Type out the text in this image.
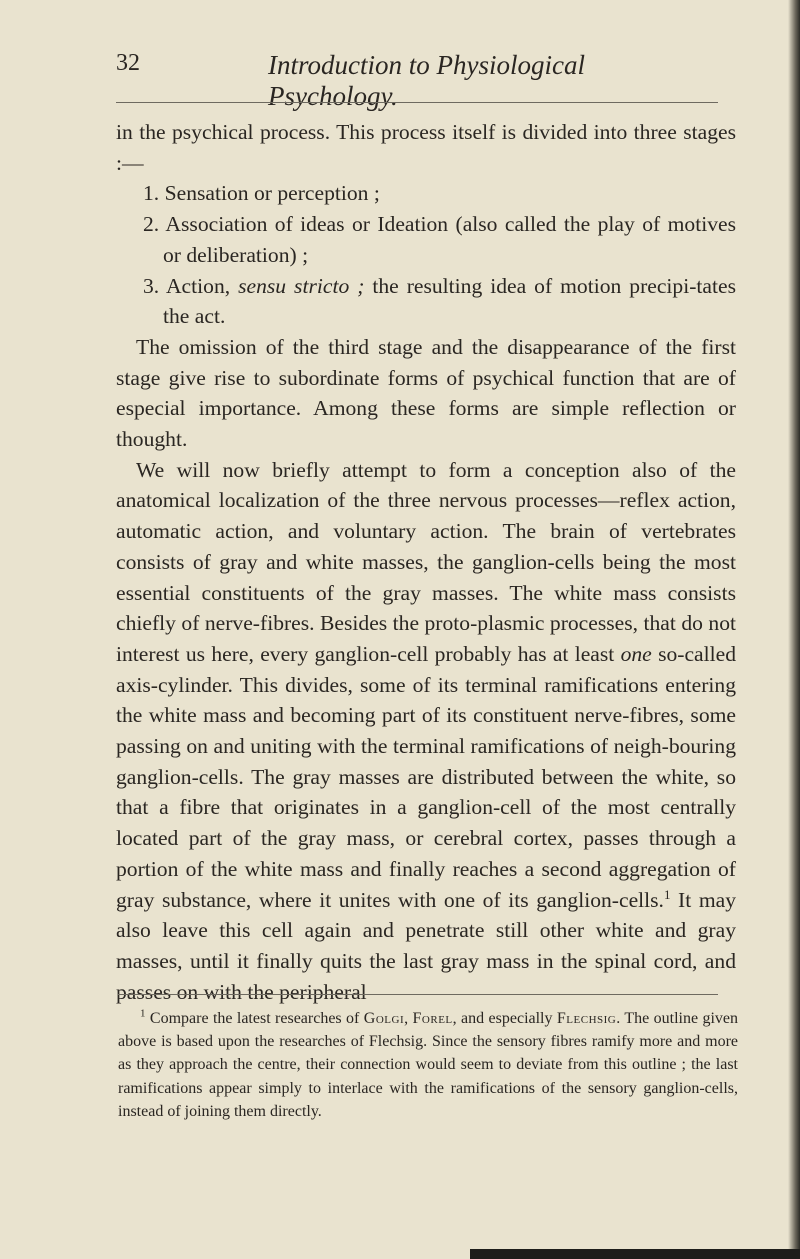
32	Introduction to Physiological Psychology.

in the psychical process. This process itself is divided into three stages :—

1. Sensation or perception ;

2. Association of ideas or Ideation (also called the play of motives or deliberation) ;

3. Action, sensu stricto ; the resulting idea of motion precipi-tates the act.

The omission of the third stage and the disappearance of the first stage give rise to subordinate forms of psychical function that are of especial importance. Among these forms are simple reflection or thought.

We will now briefly attempt to form a conception also of the anatomical localization of the three nervous processes—reflex action, automatic action, and voluntary action. The brain of vertebrates consists of gray and white masses, the ganglion-cells being the most essential constituents of the gray masses. The white mass consists chiefly of nerve-fibres. Besides the proto-plasmic processes, that do not interest us here, every ganglion-cell probably has at least one so-called axis-cylinder. This divides, some of its terminal ramifications entering the white mass and becoming part of its constituent nerve-fibres, some passing on and uniting with the terminal ramifications of neigh-bouring ganglion-cells. The gray masses are distributed between the white, so that a fibre that originates in a ganglion-cell of the most centrally located part of the gray mass, or cerebral cortex, passes through a portion of the white mass and finally reaches a second aggregation of gray substance, where it unites with one of its ganglion-cells.$^1$ It may also leave this cell again and penetrate still other white and gray masses, until it finally quits the last gray mass in the spinal cord, and passes on with the peripheral

$^1$ Compare the latest researches of Golgi, Forel, and especially Flechsig. The outline given above is based upon the researches of Flechsig. Since the sensory fibres ramify more and more as they approach the centre, their connection would seem to deviate from this outline ; the last ramifications appear simply to interlace with the ramifications of the sensory ganglion-cells, instead of joining them directly.
